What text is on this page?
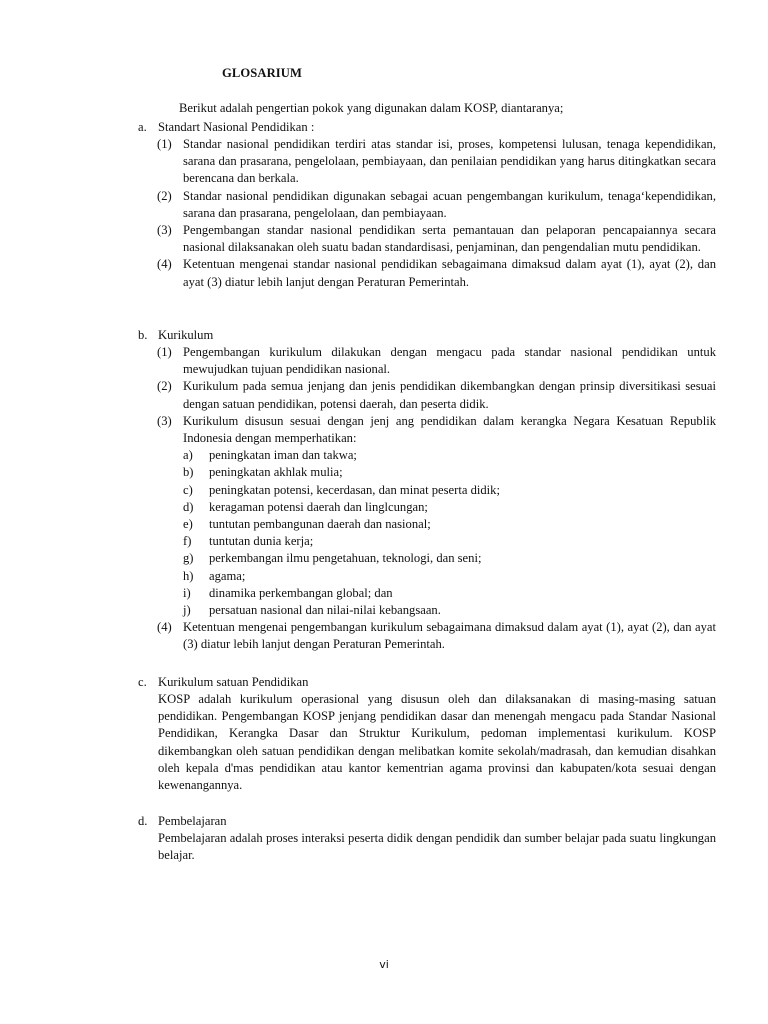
GLOSARIUM
Berikut adalah pengertian pokok yang digunakan dalam KOSP, diantaranya;
a. Standart Nasional Pendidikan :
(1) Standar nasional pendidikan terdiri atas standar isi, proses, kompetensi lulusan, tenaga kependidikan, sarana dan prasarana, pengelolaan, pembiayaan, dan penilaian pendidikan yang harus ditingkatkan secara berencana dan berkala.
(2) Standar nasional pendidikan digunakan sebagai acuan pengembangan kurikulum, tenaga‘kependidikan, sarana dan prasarana, pengelolaan, dan pembiayaan.
(3) Pengembangan standar nasional pendidikan serta pemantauan dan pelaporan pencapaiannya secara nasional dilaksanakan oleh suatu badan standardisasi, penjaminan, dan pengendalian mutu pendidikan.
(4) Ketentuan mengenai standar nasional pendidikan sebagaimana dimaksud dalam ayat (1), ayat (2), dan ayat (3) diatur lebih lanjut dengan Peraturan Pemerintah.
b. Kurikulum
(1) Pengembangan kurikulum dilakukan dengan mengacu pada standar nasional pendidikan untuk mewujudkan tujuan pendidikan nasional.
(2) Kurikulum pada semua jenjang dan jenis pendidikan dikembangkan dengan prinsip diversitikasi sesuai dengan satuan pendidikan, potensi daerah, dan peserta didik.
(3) Kurikulum disusun sesuai dengan jenj ang pendidikan dalam kerangka Negara Kesatuan Republik Indonesia dengan memperhatikan:
a) peningkatan iman dan takwa;
b) peningkatan akhlak mulia;
c) peningkatan potensi, kecerdasan, dan minat peserta didik;
d) keragaman potensi daerah dan linglcungan;
e) tuntutan pembangunan daerah dan nasional;
f) tuntutan dunia kerja;
g) perkembangan ilmu pengetahuan, teknologi, dan seni;
h) agama;
i) dinamika perkembangan global; dan
j) persatuan nasional dan nilai-nilai kebangsaan.
(4) Ketentuan mengenai pengembangan kurikulum sebagaimana dimaksud dalam ayat (1), ayat (2), dan ayat (3) diatur lebih lanjut dengan Peraturan Pemerintah.
c. Kurikulum satuan Pendidikan
KOSP adalah kurikulum operasional yang disusun oleh dan dilaksanakan di masing-masing satuan pendidikan. Pengembangan KOSP jenjang pendidikan dasar dan menengah mengacu pada Standar Nasional Pendidikan, Kerangka Dasar dan Struktur Kurikulum, pedoman implementasi kurikulum. KOSP dikembangkan oleh satuan pendidikan dengan melibatkan komite sekolah/madrasah, dan kemudian disahkan oleh kepala d'mas pendidikan atau kantor kementrian agama provinsi dan kabupaten/kota sesuai dengan kewenangannya.
d. Pembelajaran
Pembelajaran adalah proses interaksi peserta didik dengan pendidik dan sumber belajar pada suatu lingkungan belajar.
vi
